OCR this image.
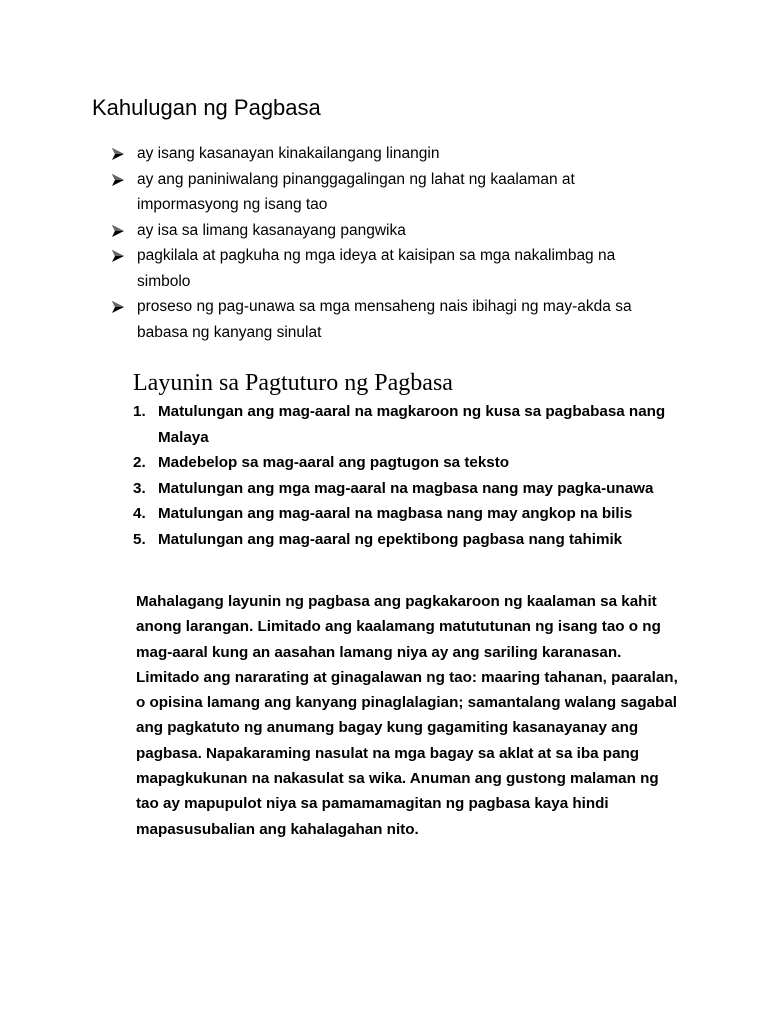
Kahulugan ng Pagbasa
ay isang kasanayan kinakailangang linangin
ay ang paniniwalang pinanggagalingan ng lahat ng kaalaman at impormasyong ng isang tao
ay isa sa limang kasanayang pangwika
pagkilala at pagkuha ng mga ideya at kaisipan sa mga nakalimbag na simbolo
proseso ng pag-unawa sa mga mensaheng nais ibihagi ng may-akda sa babasa ng kanyang sinulat
Layunin sa Pagtuturo ng Pagbasa
1. Matulungan ang mag-aaral na magkaroon ng kusa sa pagbabasa nang Malaya
2. Madebelop sa mag-aaral ang pagtugon sa teksto
3. Matulungan ang mga mag-aaral na magbasa nang may pagka-unawa
4. Matulungan ang mag-aaral na magbasa nang may angkop na bilis
5. Matulungan ang mag-aaral ng epektibong pagbasa nang tahimik

Mahalagang layunin ng pagbasa ang pagkakaroon ng kaalaman sa kahit anong larangan. Limitado ang kaalamang matututunan ng isang tao o ng mag-aaral kung an aasahan lamang niya ay ang sariling karanasan. Limitado ang nararating at ginagalawan ng tao: maaring tahanan, paaralan, o opisina lamang ang kanyang pinaglalagian; samantalang walang sagabal ang pagkatuto ng anumang bagay kung gagamiting kasanayanay ang pagbasa. Napakaraming nasulat na mga bagay sa aklat at sa iba pang mapagkukunan na nakasulat sa wika. Anuman ang gustong malaman ng tao ay mapupulot niya sa pamamamagitan ng pagbasa kaya hindi mapasusubalian ang kahalagahan nito.
